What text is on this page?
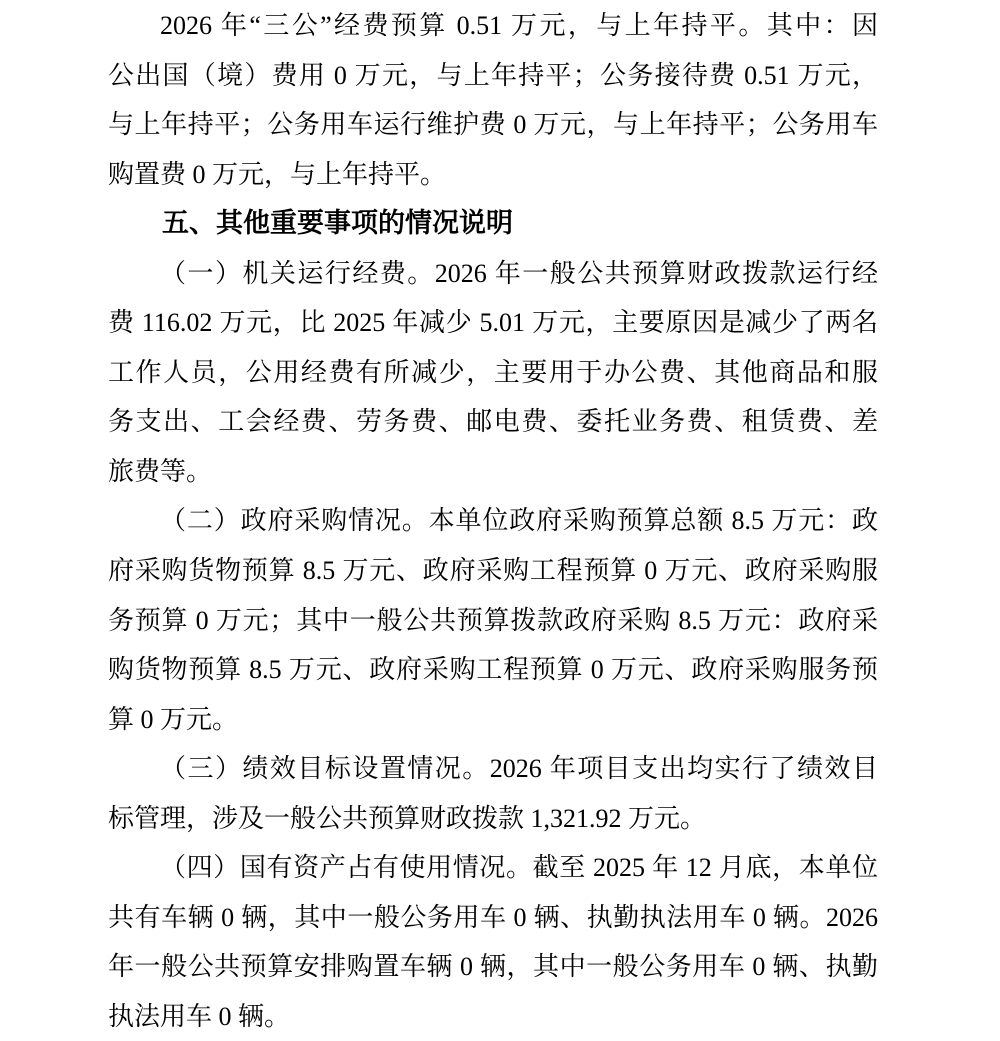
2026 年“三公”经费预算 0.51 万元，与上年持平。其中：因
公出国（境）费用 0 万元，与上年持平；公务接待费 0.51 万元，
与上年持平；公务用车运行维护费 0 万元，与上年持平；公务用车
购置费 0 万元，与上年持平。
五、其他重要事项的情况说明
（一）机关运行经费。2026 年一般公共预算财政拨款运行经
费 116.02 万元，比 2025 年减少 5.01 万元，主要原因是减少了两名
工作人员，公用经费有所减少，主要用于办公费、其他商品和服
务支出、工会经费、劳务费、邮电费、委托业务费、租赁费、差
旅费等。
（二）政府采购情况。本单位政府采购预算总额 8.5 万元：政
府采购货物预算 8.5 万元、政府采购工程预算 0 万元、政府采购服
务预算 0 万元；其中一般公共预算拨款政府采购 8.5 万元：政府采
购货物预算 8.5 万元、政府采购工程预算 0 万元、政府采购服务预
算 0 万元。
（三）绩效目标设置情况。2026 年项目支出均实行了绩效目
标管理，涉及一般公共预算财政拨款 1,321.92 万元。
（四）国有资产占有使用情况。截至 2025 年 12 月底，本单位
共有车辆 0 辆，其中一般公务用车 0 辆、执勤执法用车 0 辆。2026
年一般公共预算安排购置车辆 0 辆，其中一般公务用车 0 辆、执勤
执法用车 0 辆。
